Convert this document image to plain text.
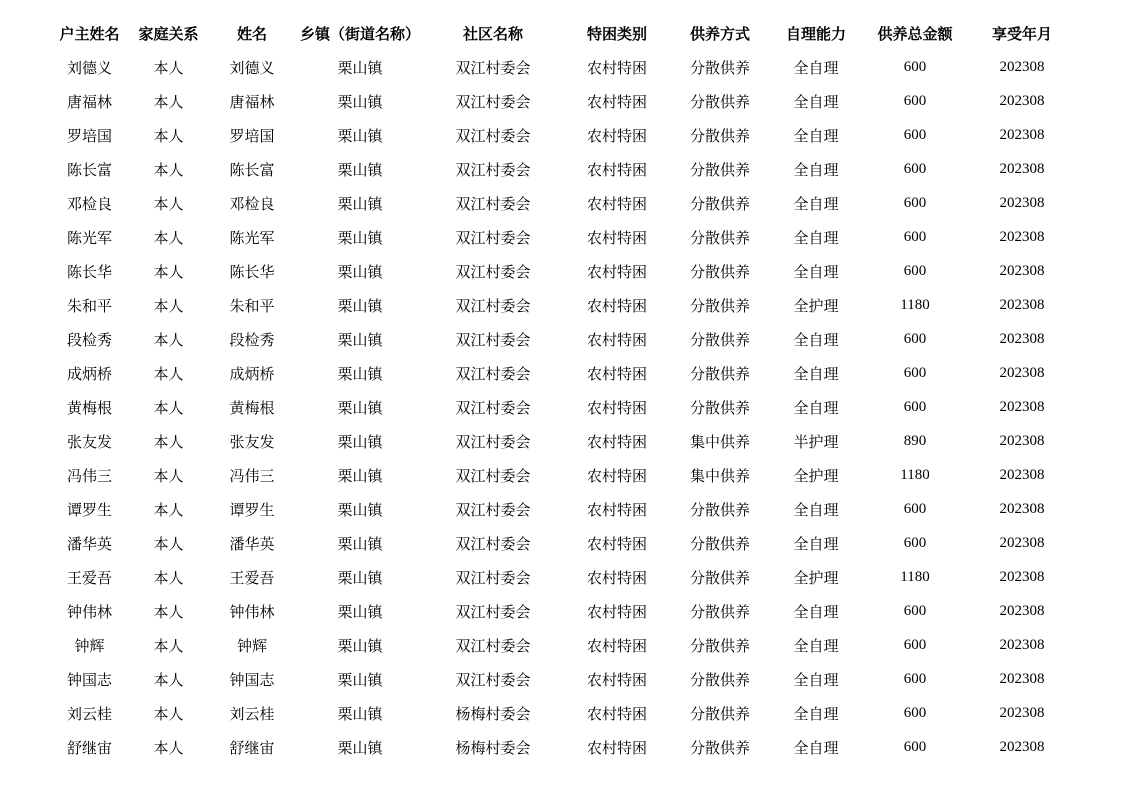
户主姓名	家庭关系	姓名	乡镇（街道名称）	社区名称	特困类别	供养方式	自理能力	供养总金额	享受年月
刘德义	本人	刘德义	栗山镇	双江村委会	农村特困	分散供养	全自理	600	202308
唐福林	本人	唐福林	栗山镇	双江村委会	农村特困	分散供养	全自理	600	202308
罗培国	本人	罗培国	栗山镇	双江村委会	农村特困	分散供养	全自理	600	202308
陈长富	本人	陈长富	栗山镇	双江村委会	农村特困	分散供养	全自理	600	202308
邓检良	本人	邓检良	栗山镇	双江村委会	农村特困	分散供养	全自理	600	202308
陈光军	本人	陈光军	栗山镇	双江村委会	农村特困	分散供养	全自理	600	202308
陈长华	本人	陈长华	栗山镇	双江村委会	农村特困	分散供养	全自理	600	202308
朱和平	本人	朱和平	栗山镇	双江村委会	农村特困	分散供养	全护理	1180	202308
段检秀	本人	段检秀	栗山镇	双江村委会	农村特困	分散供养	全自理	600	202308
成炳桥	本人	成炳桥	栗山镇	双江村委会	农村特困	分散供养	全自理	600	202308
黄梅根	本人	黄梅根	栗山镇	双江村委会	农村特困	分散供养	全自理	600	202308
张友发	本人	张友发	栗山镇	双江村委会	农村特困	集中供养	半护理	890	202308
冯伟三	本人	冯伟三	栗山镇	双江村委会	农村特困	集中供养	全护理	1180	202308
谭罗生	本人	谭罗生	栗山镇	双江村委会	农村特困	分散供养	全自理	600	202308
潘华英	本人	潘华英	栗山镇	双江村委会	农村特困	分散供养	全自理	600	202308
王爱吾	本人	王爱吾	栗山镇	双江村委会	农村特困	分散供养	全护理	1180	202308
钟伟林	本人	钟伟林	栗山镇	双江村委会	农村特困	分散供养	全自理	600	202308
钟辉	本人	钟辉	栗山镇	双江村委会	农村特困	分散供养	全自理	600	202308
钟国志	本人	钟国志	栗山镇	双江村委会	农村特困	分散供养	全自理	600	202308
刘云桂	本人	刘云桂	栗山镇	杨梅村委会	农村特困	分散供养	全自理	600	202308
舒继宙	本人	舒继宙	栗山镇	杨梅村委会	农村特困	分散供养	全自理	600	202308
